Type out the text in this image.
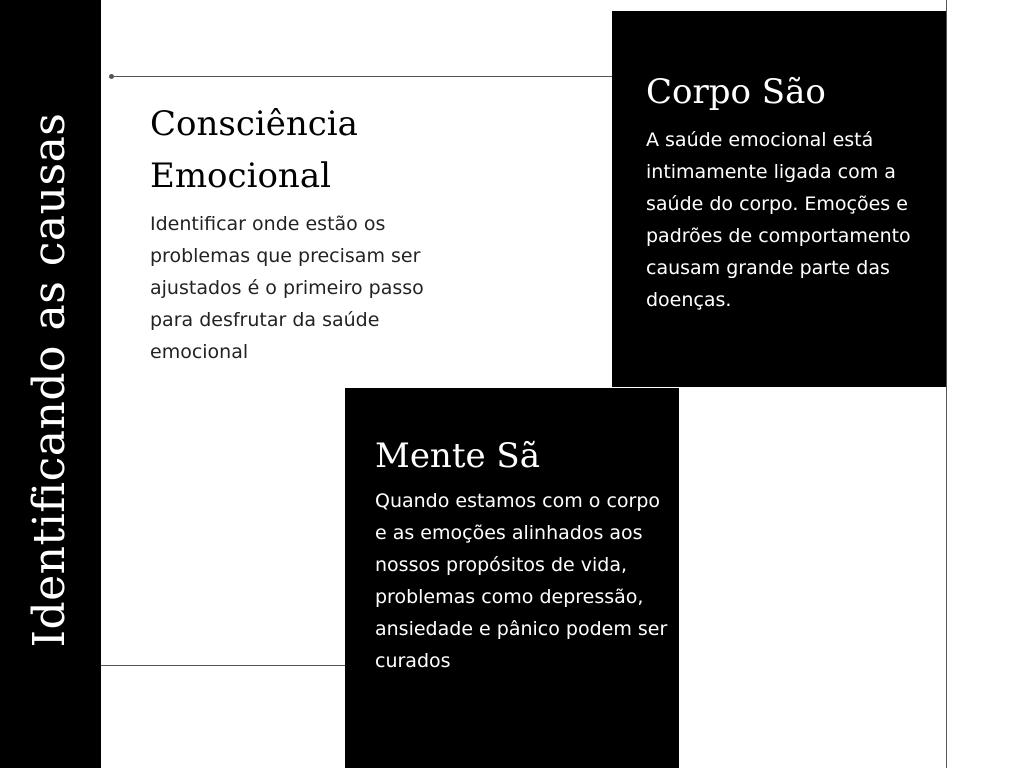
Identificando as causas Consciência Emocional

Identificar onde estão os problemas que precisam ser ajustados é o primeiro passo para desfrutar da saúde emocional

Corpo São

A saúde emocional está intimamente ligada com a saúde do corpo. Emoções e padrões de comportamento causam grande parte das doenças.

Mente Sã

Quando estamos com o corpo e as emoções alinhados aos nossos propósitos de vida, problemas como depressão, ansiedade e pânico podem ser curados
